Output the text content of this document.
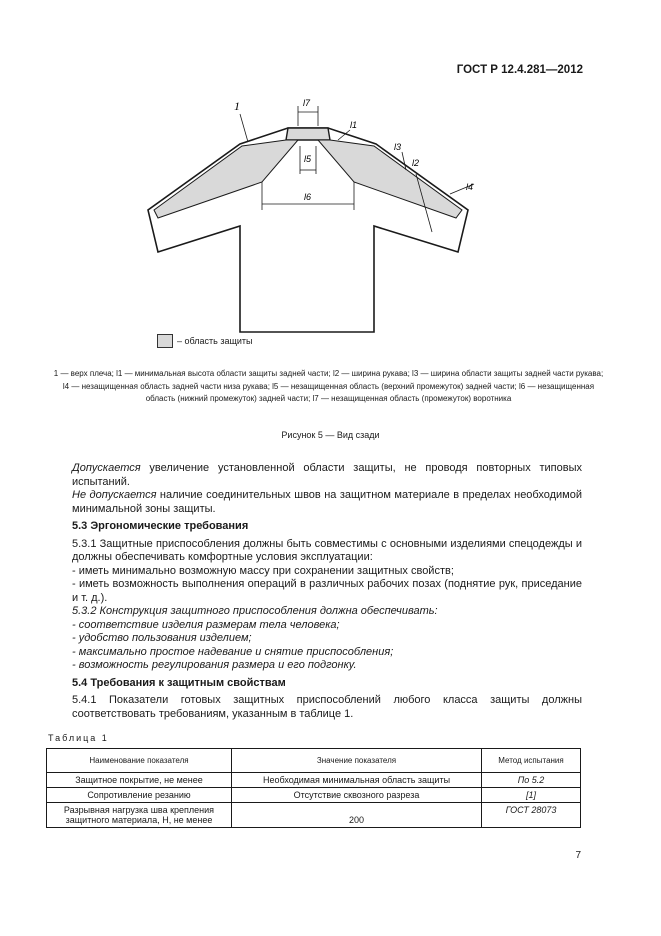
ГОСТ Р 12.4.281—2012
1	l7
l5
l6
l1
l3
l2
l4
– область защиты
1 — верх плеча; l1 — минимальная высота области защиты задней части; l2 — ширина рукава; l3 — ширина области защиты задней части рукава; l4 — незащищенная область задней части низа рукава; l5 — незащищенная область (верхний промежуток) задней части; l6 — незащищенная область (нижний промежуток) задней части; l7 — незащищенная область (промежуток) воротника
Рисунок 5 — Вид сзади

Допускается увеличение установленной области защиты, не проводя повторных типовых испытаний.

Не допускается наличие соединительных швов на защитном материале в пределах необходимой минимальной зоны защиты.

5.3 Эргономические требования

5.3.1 Защитные приспособления должны быть совместимы с основными изделиями спецодежды и должны обеспечивать комфортные условия эксплуатации:

- иметь минимально возможную массу при сохранении защитных свойств;

- иметь возможность выполнения операций в различных рабочих позах (поднятие рук, приседание и т. д.).

5.3.2 Конструкция защитного приспособления должна обеспечивать:

- соответствие изделия размерам тела человека;

- удобство пользования изделием;

- максимально простое надевание и снятие приспособления;

- возможность регулирования размера и его подгонку.

5.4 Требования к защитным свойствам

5.4.1 Показатели готовых защитных приспособлений любого класса защиты должны соответствовать требованиям, указанным в таблице 1.

Таблица 1
Наименование показателя	Значение показателя	Метод испытания
Защитное покрытие, не менее	Необходимая минимальная область защиты	По 5.2
Сопротивление резанию	Отсутствие сквозного разреза	[1]
Разрывная нагрузка шва крепления защитного материала, Н, не менее	200	ГОСТ 28073
7
